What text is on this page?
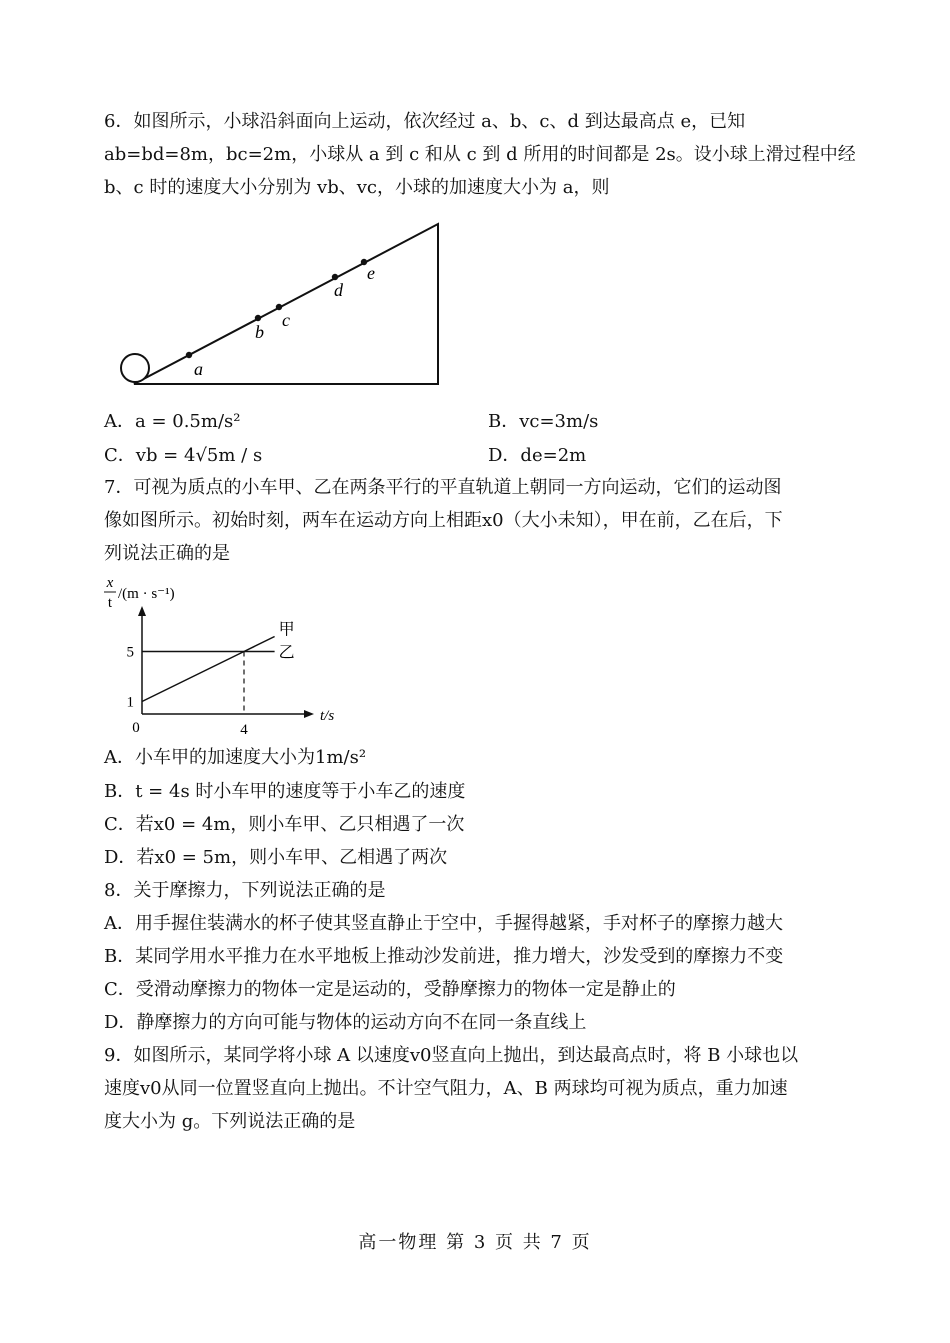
6．如图所示，小球沿斜面向上运动，依次经过 a、b、c、d 到达最高点 e，已知
ab=bd=8m，bc=2m，小球从 a 到 c 和从 c 到 d 所用的时间都是 2s。设小球上滑过程中经
b、c 时的速度大小分别为 vb、vc，小球的加速度大小为 a，则
a
b
c
d
e
A．a = 0.5m/s²	B．vc=3m/s
C．vb = 4√5m / s	D．de=2m
7．可视为质点的小车甲、乙在两条平行的平直轨道上朝同一方向运动，它们的运动图
像如图所示。初始时刻，两车在运动方向上相距x0（大小未知），甲在前，乙在后，下
列说法正确的是
x
t
/(m · s⁻¹)
t/s
0	4
1
5
甲
乙
A．小车甲的加速度大小为1m/s²
B．t = 4s 时小车甲的速度等于小车乙的速度
C．若x0 = 4m，则小车甲、乙只相遇了一次
D．若x0 = 5m，则小车甲、乙相遇了两次
8．关于摩擦力，下列说法正确的是
A．用手握住装满水的杯子使其竖直静止于空中，手握得越紧，手对杯子的摩擦力越大
B．某同学用水平推力在水平地板上推动沙发前进，推力增大，沙发受到的摩擦力不变
C．受滑动摩擦力的物体一定是运动的，受静摩擦力的物体一定是静止的
D．静摩擦力的方向可能与物体的运动方向不在同一条直线上
9．如图所示，某同学将小球 A 以速度v0竖直向上抛出，到达最高点时，将 B 小球也以
速度v0从同一位置竖直向上抛出。不计空气阻力，A、B 两球均可视为质点，重力加速
度大小为 g。下列说法正确的是
高一物理 第 3 页 共 7 页
